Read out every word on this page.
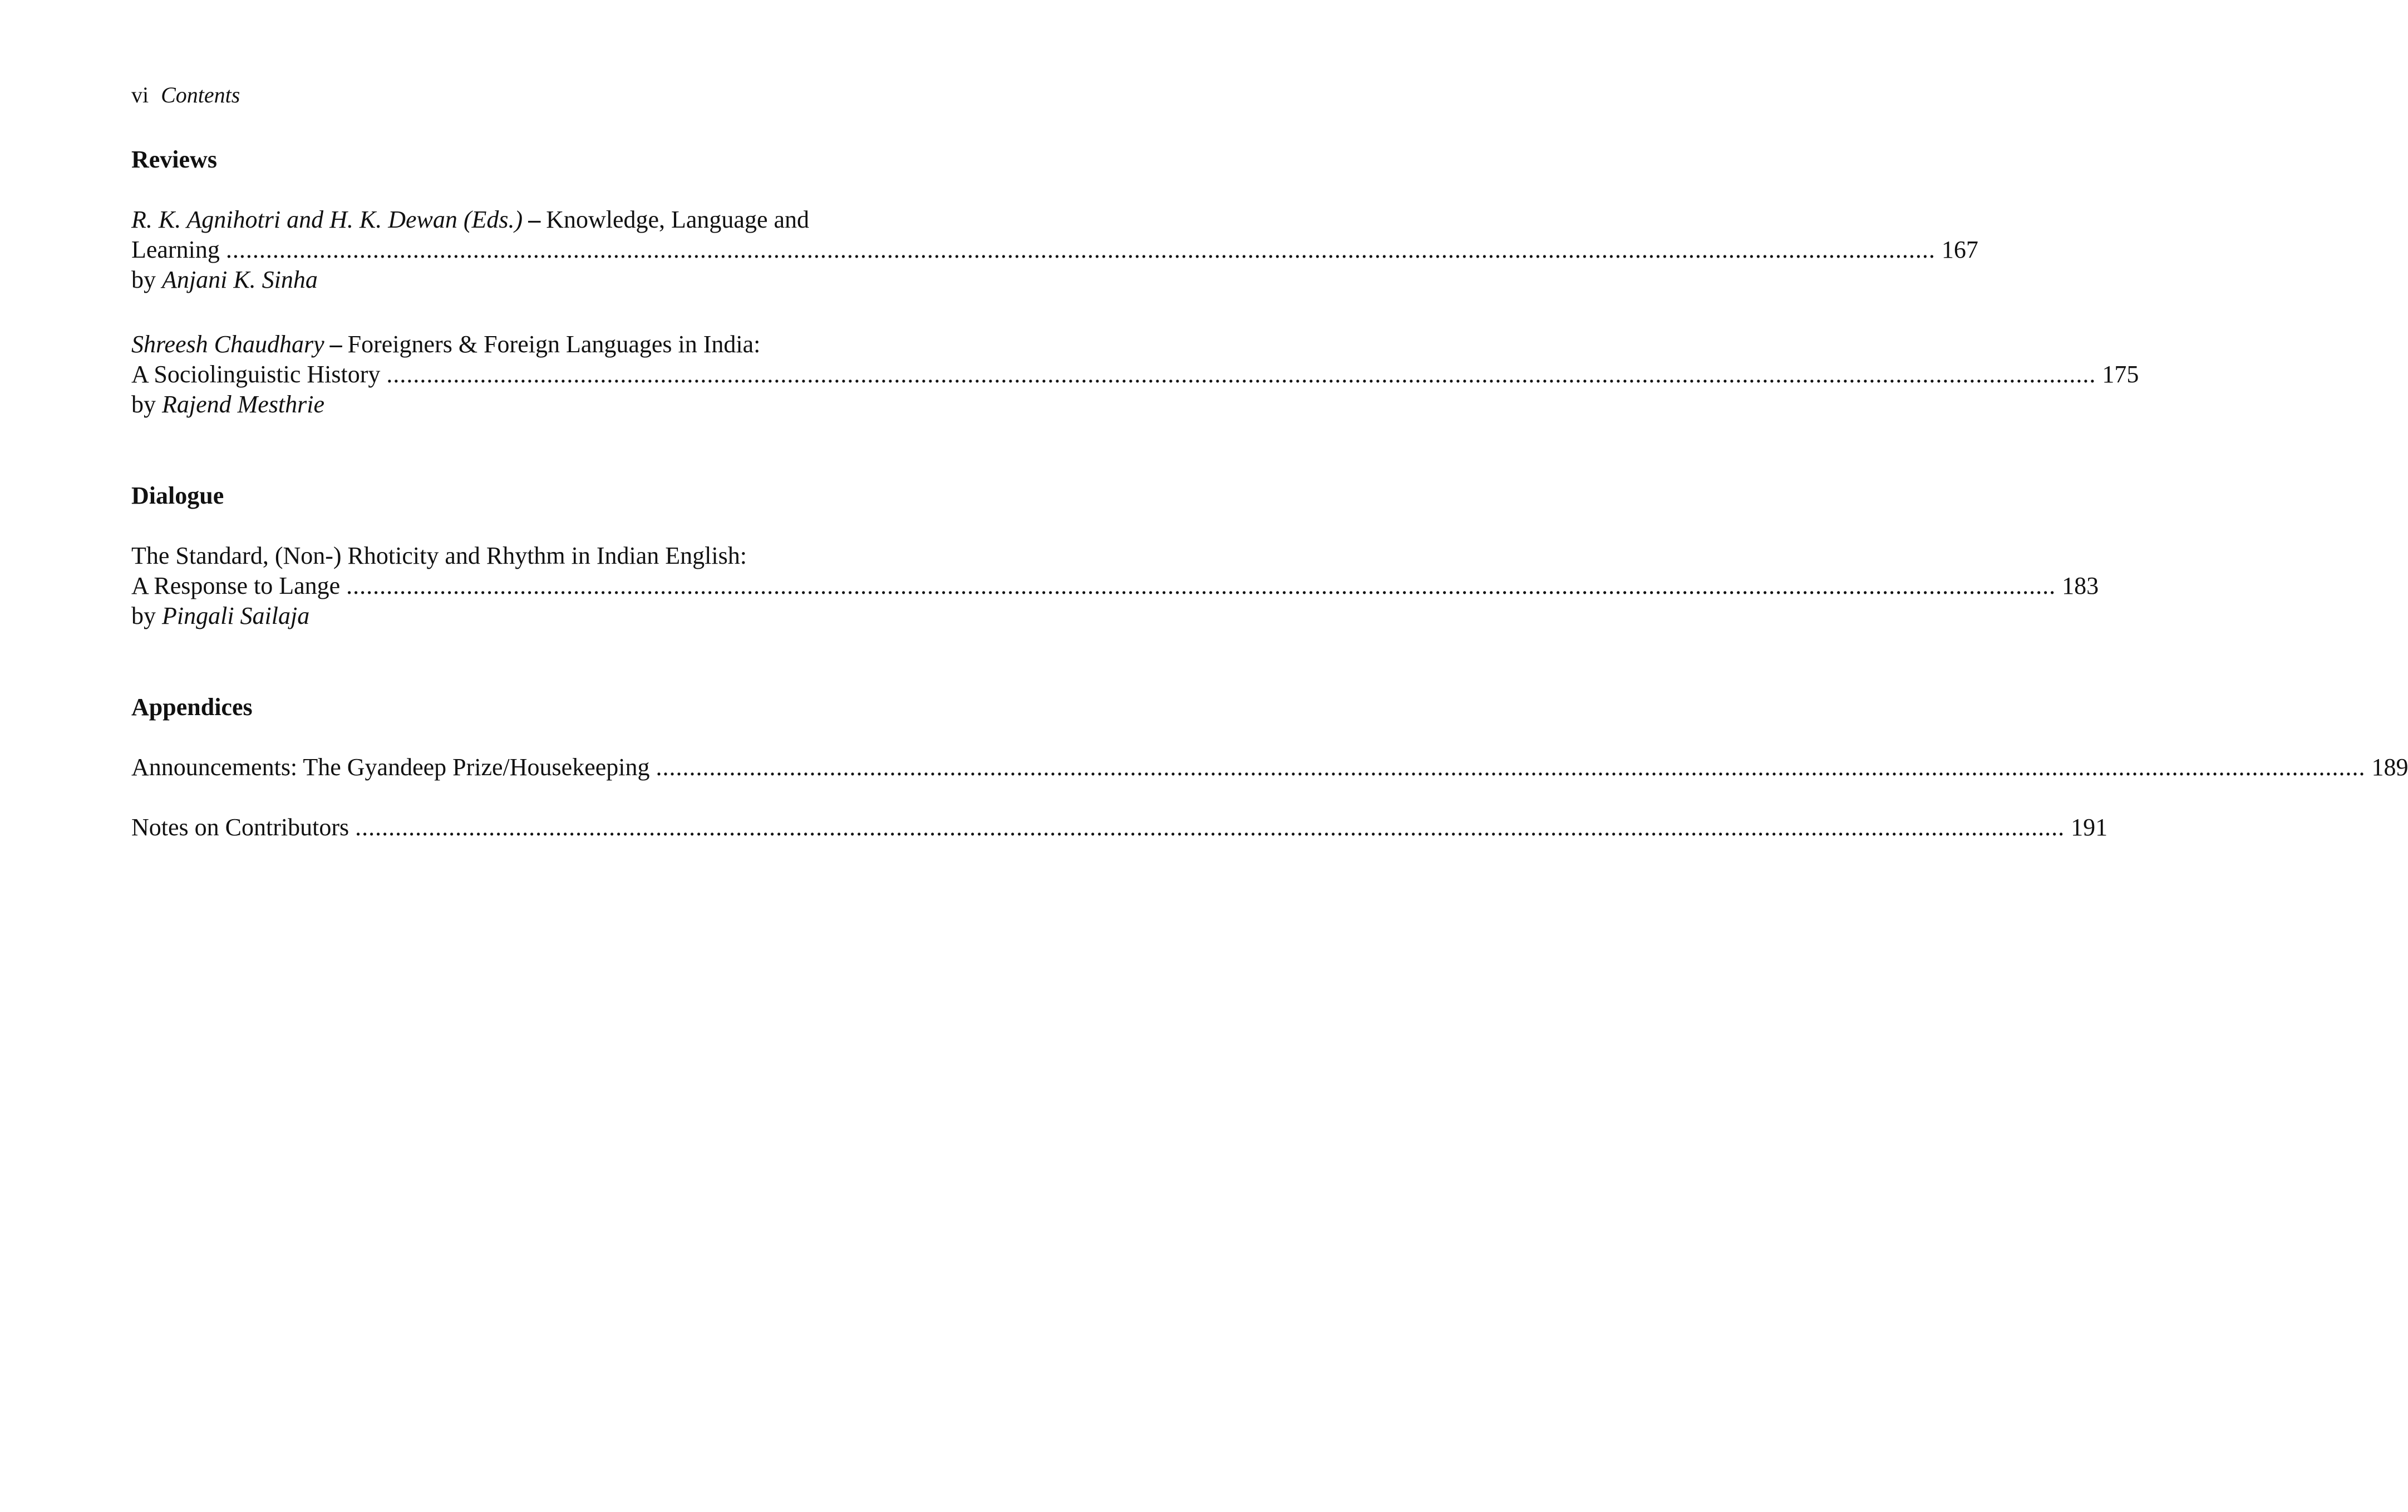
vi Contents
Reviews
R. K. Agnihotri and H. K. Dewan (Eds.) – Knowledge, Language and
Learning .....	167
by Anjani K. Sinha
Shreesh Chaudhary – Foreigners & Foreign Languages in India:
A Sociolinguistic History .....	175
by Rajend Mesthrie
Dialogue
The Standard, (Non-) Rhoticity and Rhythm in Indian English:
A Response to Lange .....	183
by Pingali Sailaja
Appendices
Announcements: The Gyandeep Prize/Housekeeping .....	189
Notes on Contributors .....	191
